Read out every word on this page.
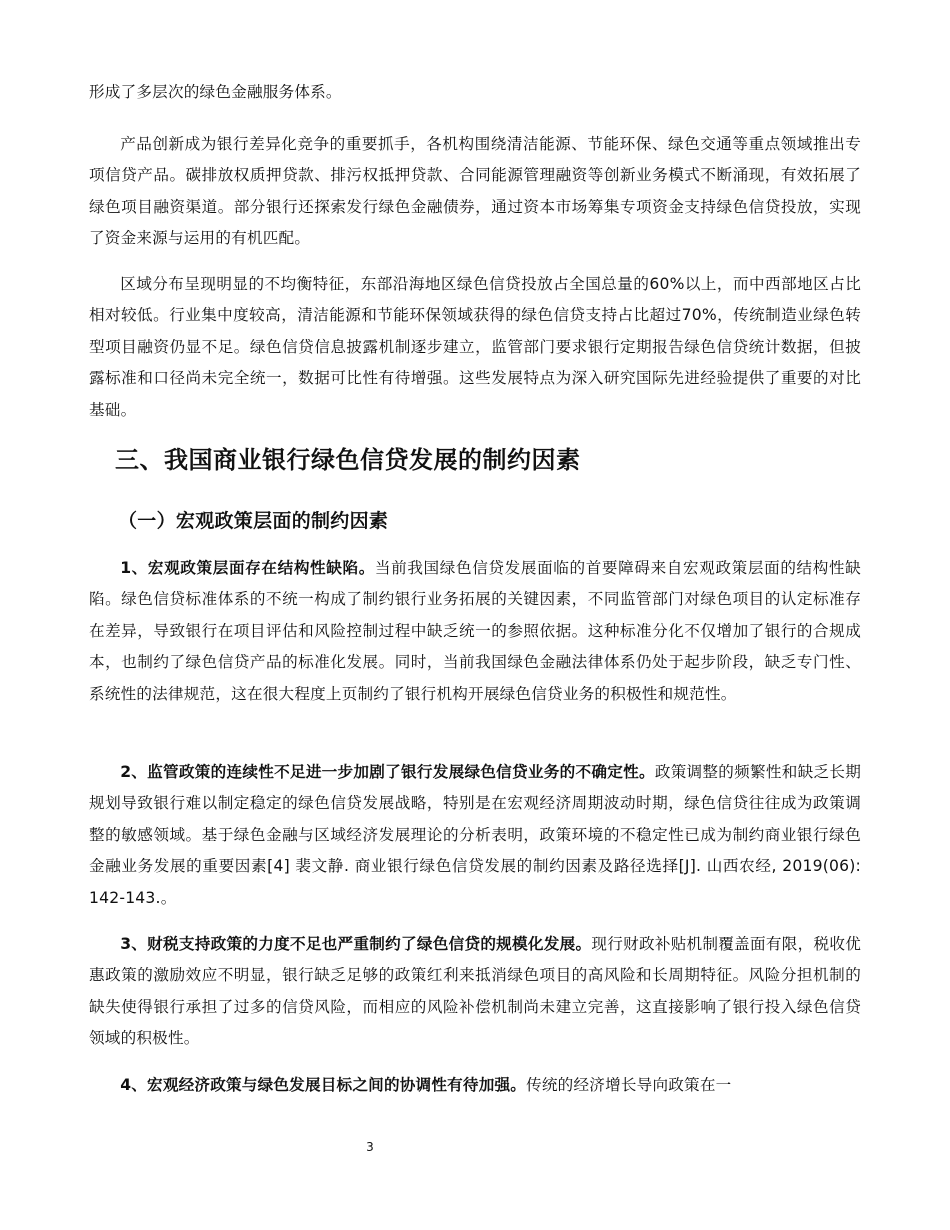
形成了多层次的绿色金融服务体系。

产品创新成为银行差异化竞争的重要抓手，各机构围绕清洁能源、节能环保、绿色交通等重点领域推出专项信贷产品。碳排放权质押贷款、排污权抵押贷款、合同能源管理融资等创新业务模式不断涌现，有效拓展了绿色项目融资渠道。部分银行还探索发行绿色金融债券，通过资本市场筹集专项资金支持绿色信贷投放，实现了资金来源与运用的有机匹配。

区域分布呈现明显的不均衡特征，东部沿海地区绿色信贷投放占全国总量的60%以上，而中西部地区占比相对较低。行业集中度较高，清洁能源和节能环保领域获得的绿色信贷支持占比超过70%，传统制造业绿色转型项目融资仍显不足。绿色信贷信息披露机制逐步建立，监管部门要求银行定期报告绿色信贷统计数据，但披露标准和口径尚未完全统一，数据可比性有待增强。这些发展特点为深入研究国际先进经验提供了重要的对比基础。

三、我国商业银行绿色信贷发展的制约因素
（一）宏观政策层面的制约因素

1、宏观政策层面存在结构性缺陷。当前我国绿色信贷发展面临的首要障碍来自宏观政策层面的结构性缺陷。绿色信贷标准体系的不统一构成了制约银行业务拓展的关键因素，不同监管部门对绿色项目的认定标准存在差异，导致银行在项目评估和风险控制过程中缺乏统一的参照依据。这种标准分化不仅增加了银行的合规成本，也制约了绿色信贷产品的标准化发展。同时，当前我国绿色金融法律体系仍处于起步阶段，缺乏专门性、系统性的法律规范，这在很大程度上页制约了银行机构开展绿色信贷业务的积极性和规范性。

2、监管政策的连续性不足进一步加剧了银行发展绿色信贷业务的不确定性。政策调整的频繁性和缺乏长期规划导致银行难以制定稳定的绿色信贷发展战略，特别是在宏观经济周期波动时期，绿色信贷往往成为政策调整的敏感领域。基于绿色金融与区域经济发展理论的分析表明，政策环境的不稳定性已成为制约商业银行绿色金融业务发展的重要因素[4] 裴文静. 商业银行绿色信贷发展的制约因素及路径选择[J]. 山西农经, 2019(06): 142-143.。

3、财税支持政策的力度不足也严重制约了绿色信贷的规模化发展。现行财政补贴机制覆盖面有限，税收优惠政策的激励效应不明显，银行缺乏足够的政策红利来抵消绿色项目的高风险和长周期特征。风险分担机制的缺失使得银行承担了过多的信贷风险，而相应的风险补偿机制尚未建立完善，这直接影响了银行投入绿色信贷领域的积极性。

4、宏观经济政策与绿色发展目标之间的协调性有待加强。传统的经济增长导向政策在一

3
